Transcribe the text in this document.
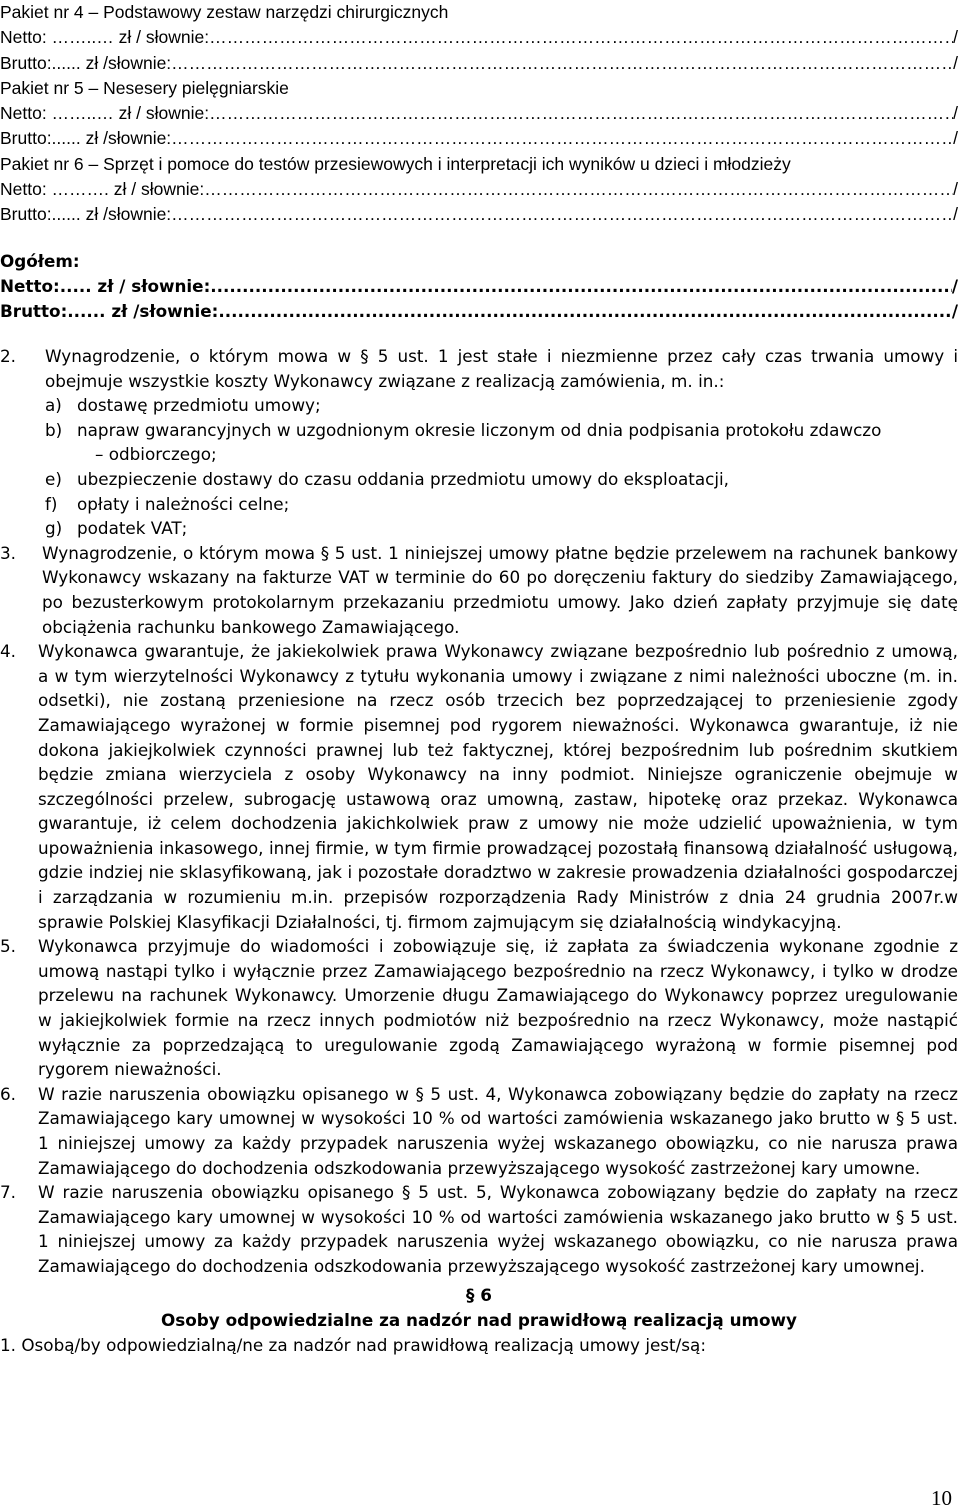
Pakiet nr 4 – Podstawowy zestaw narzędzi chirurgicznych
Netto: ……..… zł / słownie: …………………………………………………………………………………………………………………………………………………………………………………………………………………………………………………………………	/
Brutto:...... zł /słownie: …………………………………………………………………………………………………………………………………………………………………………………………………………………………………………………………………	/
Pakiet nr 5 – Nesesery pielęgniarskie
Netto: ……..… zł / słownie: …………………………………………………………………………………………………………………………………………………………………………………………………………………………………………………………………	/
Brutto:...... zł /słownie: …………………………………………………………………………………………………………………………………………………………………………………………………………………………………………………………………	/
Pakiet nr 6 – Sprzęt i pomoce do testów przesiewowych i interpretacji ich wyników u dzieci i młodzieży
Netto: ………. zł / słownie: …………………………………………………………………………………………………………………………………………………………………………………………………………………………………………………………………	/
Brutto:...... zł /słownie: …………………………………………………………………………………………………………………………………………………………………………………………………………………………………………………………………	/
Ogółem:
Netto:..... zł / słownie: .....	/
Brutto:...... zł /słownie: .....	/
2.	Wynagrodzenie, o którym mowa w § 5 ust. 1 jest stałe i niezmienne przez cały czas trwania umowy i obejmuje wszystkie koszty Wykonawcy związane z realizacją zamówienia, m. in.:
a) dostawę przedmiotu umowy;
b) napraw gwarancyjnych w uzgodnionym okresie liczonym od dnia podpisania protokołu zdawczo
– odbiorczego;
e) ubezpieczenie dostawy do czasu oddania przedmiotu umowy do eksploatacji,
f)	opłaty i należności celne;
g) podatek VAT;
3.	Wynagrodzenie, o którym mowa § 5 ust. 1 niniejszej umowy płatne będzie przelewem na rachunek bankowy Wykonawcy wskazany na fakturze VAT w terminie do 60 po doręczeniu faktury do siedziby Zamawiającego, po bezusterkowym protokolarnym przekazaniu przedmiotu umowy. Jako dzień zapłaty przyjmuje się datę obciążenia rachunku bankowego Zamawiającego.
4.	Wykonawca gwarantuje, że jakiekolwiek prawa Wykonawcy związane bezpośrednio lub pośrednio z umową, a w tym wierzytelności Wykonawcy z tytułu wykonania umowy i związane z nimi należności uboczne (m. in. odsetki), nie zostaną przeniesione na rzecz osób trzecich bez poprzedzającej to przeniesienie zgody Zamawiającego wyrażonej w formie pisemnej pod rygorem nieważności. Wykonawca gwarantuje, iż nie dokona jakiejkolwiek czynności prawnej lub też faktycznej, której bezpośrednim lub pośrednim skutkiem będzie zmiana wierzyciela z osoby Wykonawcy na inny podmiot. Niniejsze ograniczenie obejmuje w szczególności przelew, subrogację ustawową oraz umowną, zastaw, hipotekę oraz przekaz. Wykonawca gwarantuje, iż celem dochodzenia jakichkolwiek praw z umowy nie może udzielić upoważnienia, w tym upoważnienia inkasowego, innej firmie, w tym firmie prowadzącej pozostałą finansową działalność usługową, gdzie indziej nie sklasyfikowaną, jak i pozostałe doradztwo w zakresie prowadzenia działalności gospodarczej i zarządzania w rozumieniu m.in. przepisów rozporządzenia Rady Ministrów z dnia 24 grudnia 2007r.w sprawie Polskiej Klasyfikacji Działalności, tj. firmom zajmującym się działalnością windykacyjną.
5.	Wykonawca przyjmuje do wiadomości i zobowiązuje się, iż zapłata za świadczenia wykonane zgodnie z umową nastąpi tylko i wyłącznie przez Zamawiającego bezpośrednio na rzecz Wykonawcy, i tylko w drodze przelewu na rachunek Wykonawcy. Umorzenie długu Zamawiającego do Wykonawcy poprzez uregulowanie w jakiejkolwiek formie na rzecz innych podmiotów niż bezpośrednio na rzecz Wykonawcy, może nastąpić wyłącznie za poprzedzającą to uregulowanie zgodą Zamawiającego wyrażoną w formie pisemnej pod rygorem nieważności.
6.	W razie naruszenia obowiązku opisanego w § 5 ust. 4, Wykonawca zobowiązany będzie do zapłaty na rzecz Zamawiającego kary umownej w wysokości 10 % od wartości zamówienia wskazanego jako brutto w § 5 ust. 1 niniejszej umowy za każdy przypadek naruszenia wyżej wskazanego obowiązku, co nie narusza prawa Zamawiającego do dochodzenia odszkodowania przewyższającego wysokość zastrzeżonej kary umowne.
7.	W razie naruszenia obowiązku opisanego § 5 ust. 5, Wykonawca zobowiązany będzie do zapłaty na rzecz Zamawiającego kary umownej w wysokości 10 % od wartości zamówienia wskazanego jako brutto w § 5 ust. 1 niniejszej umowy za każdy przypadek naruszenia wyżej wskazanego obowiązku, co nie narusza prawa Zamawiającego do dochodzenia odszkodowania przewyższającego wysokość zastrzeżonej kary umownej.
§ 6
Osoby odpowiedzialne za nadzór nad prawidłową realizacją umowy
1. Osobą/by odpowiedzialną/ne za nadzór nad prawidłową realizacją umowy jest/są:
10
